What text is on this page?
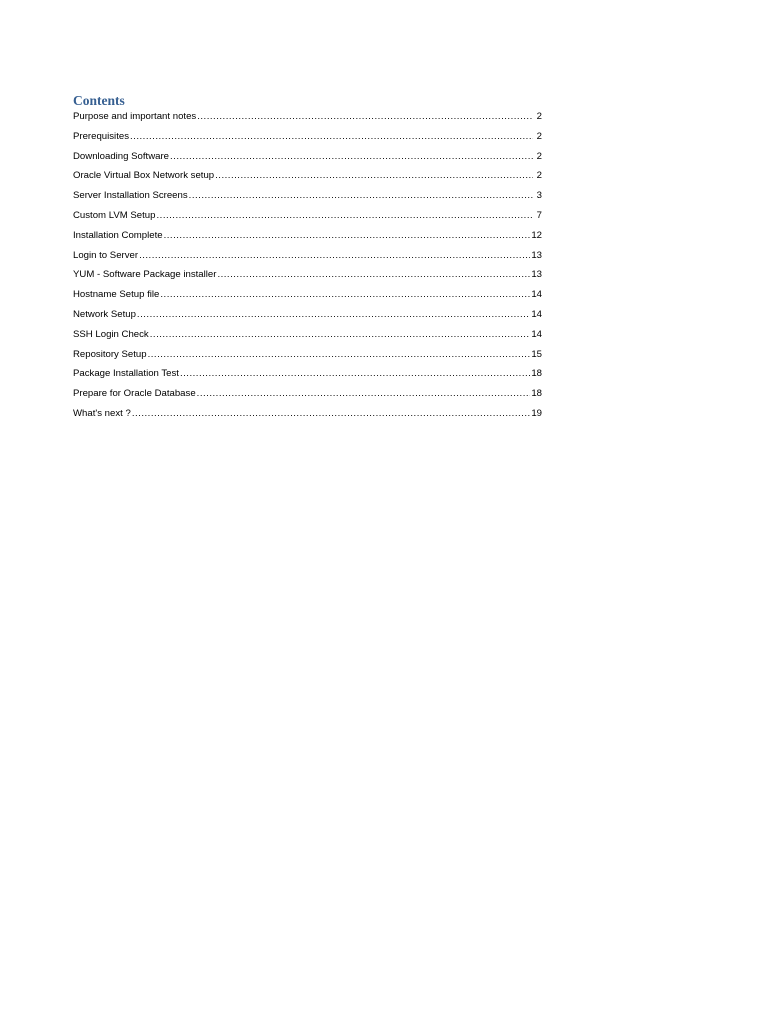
Contents
Purpose and important notes .....	2
Prerequisites .....	2
Downloading Software .....	2
Oracle Virtual Box Network setup .....	2
Server Installation Screens .....	3
Custom LVM Setup .....	7
Installation Complete .....	12
Login to Server .....	13
YUM - Software Package installer .....	13
Hostname Setup file .....	14
Network Setup .....	14
SSH Login Check .....	14
Repository Setup .....	15
Package Installation Test .....	18
Prepare for Oracle Database .....	18
What's next ? .....	19
